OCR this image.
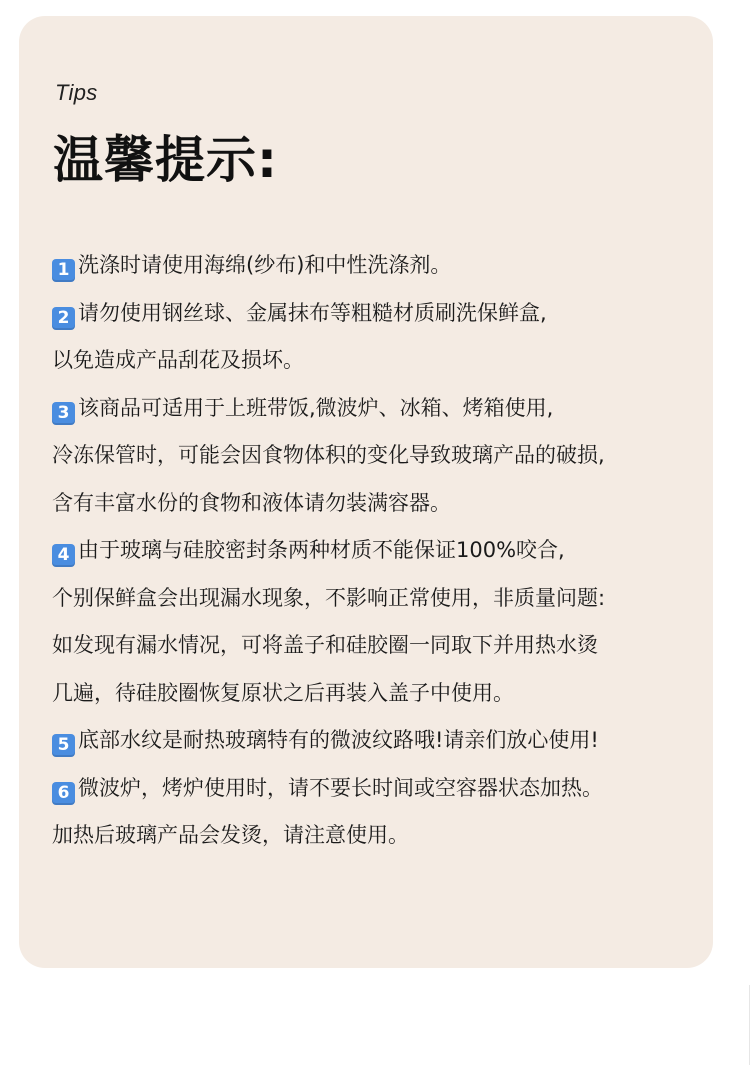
Tips
温馨提示:
1 洗涤时请使用海绵(纱布)和中性洗涤剂。
2 请勿使用钢丝球、金属抹布等粗糙材质刷洗保鲜盒,
以免造成产品刮花及损坏。
3 该商品可适用于上班带饭,微波炉、冰箱、烤箱使用,
冷冻保管时，可能会因食物体积的变化导致玻璃产品的破损,
含有丰富水份的食物和液体请勿装满容器。
4 由于玻璃与硅胶密封条两种材质不能保证100%咬合,
个别保鲜盒会出现漏水现象，不影响正常使用，非质量问题:
如发现有漏水情况，可将盖子和硅胶圈一同取下并用热水烫
几遍，待硅胶圈恢复原状之后再装入盖子中使用。
5 底部水纹是耐热玻璃特有的微波纹路哦!请亲们放心使用!
6 微波炉，烤炉使用时，请不要长时间或空容器状态加热。
加热后玻璃产品会发烫，请注意使用。
